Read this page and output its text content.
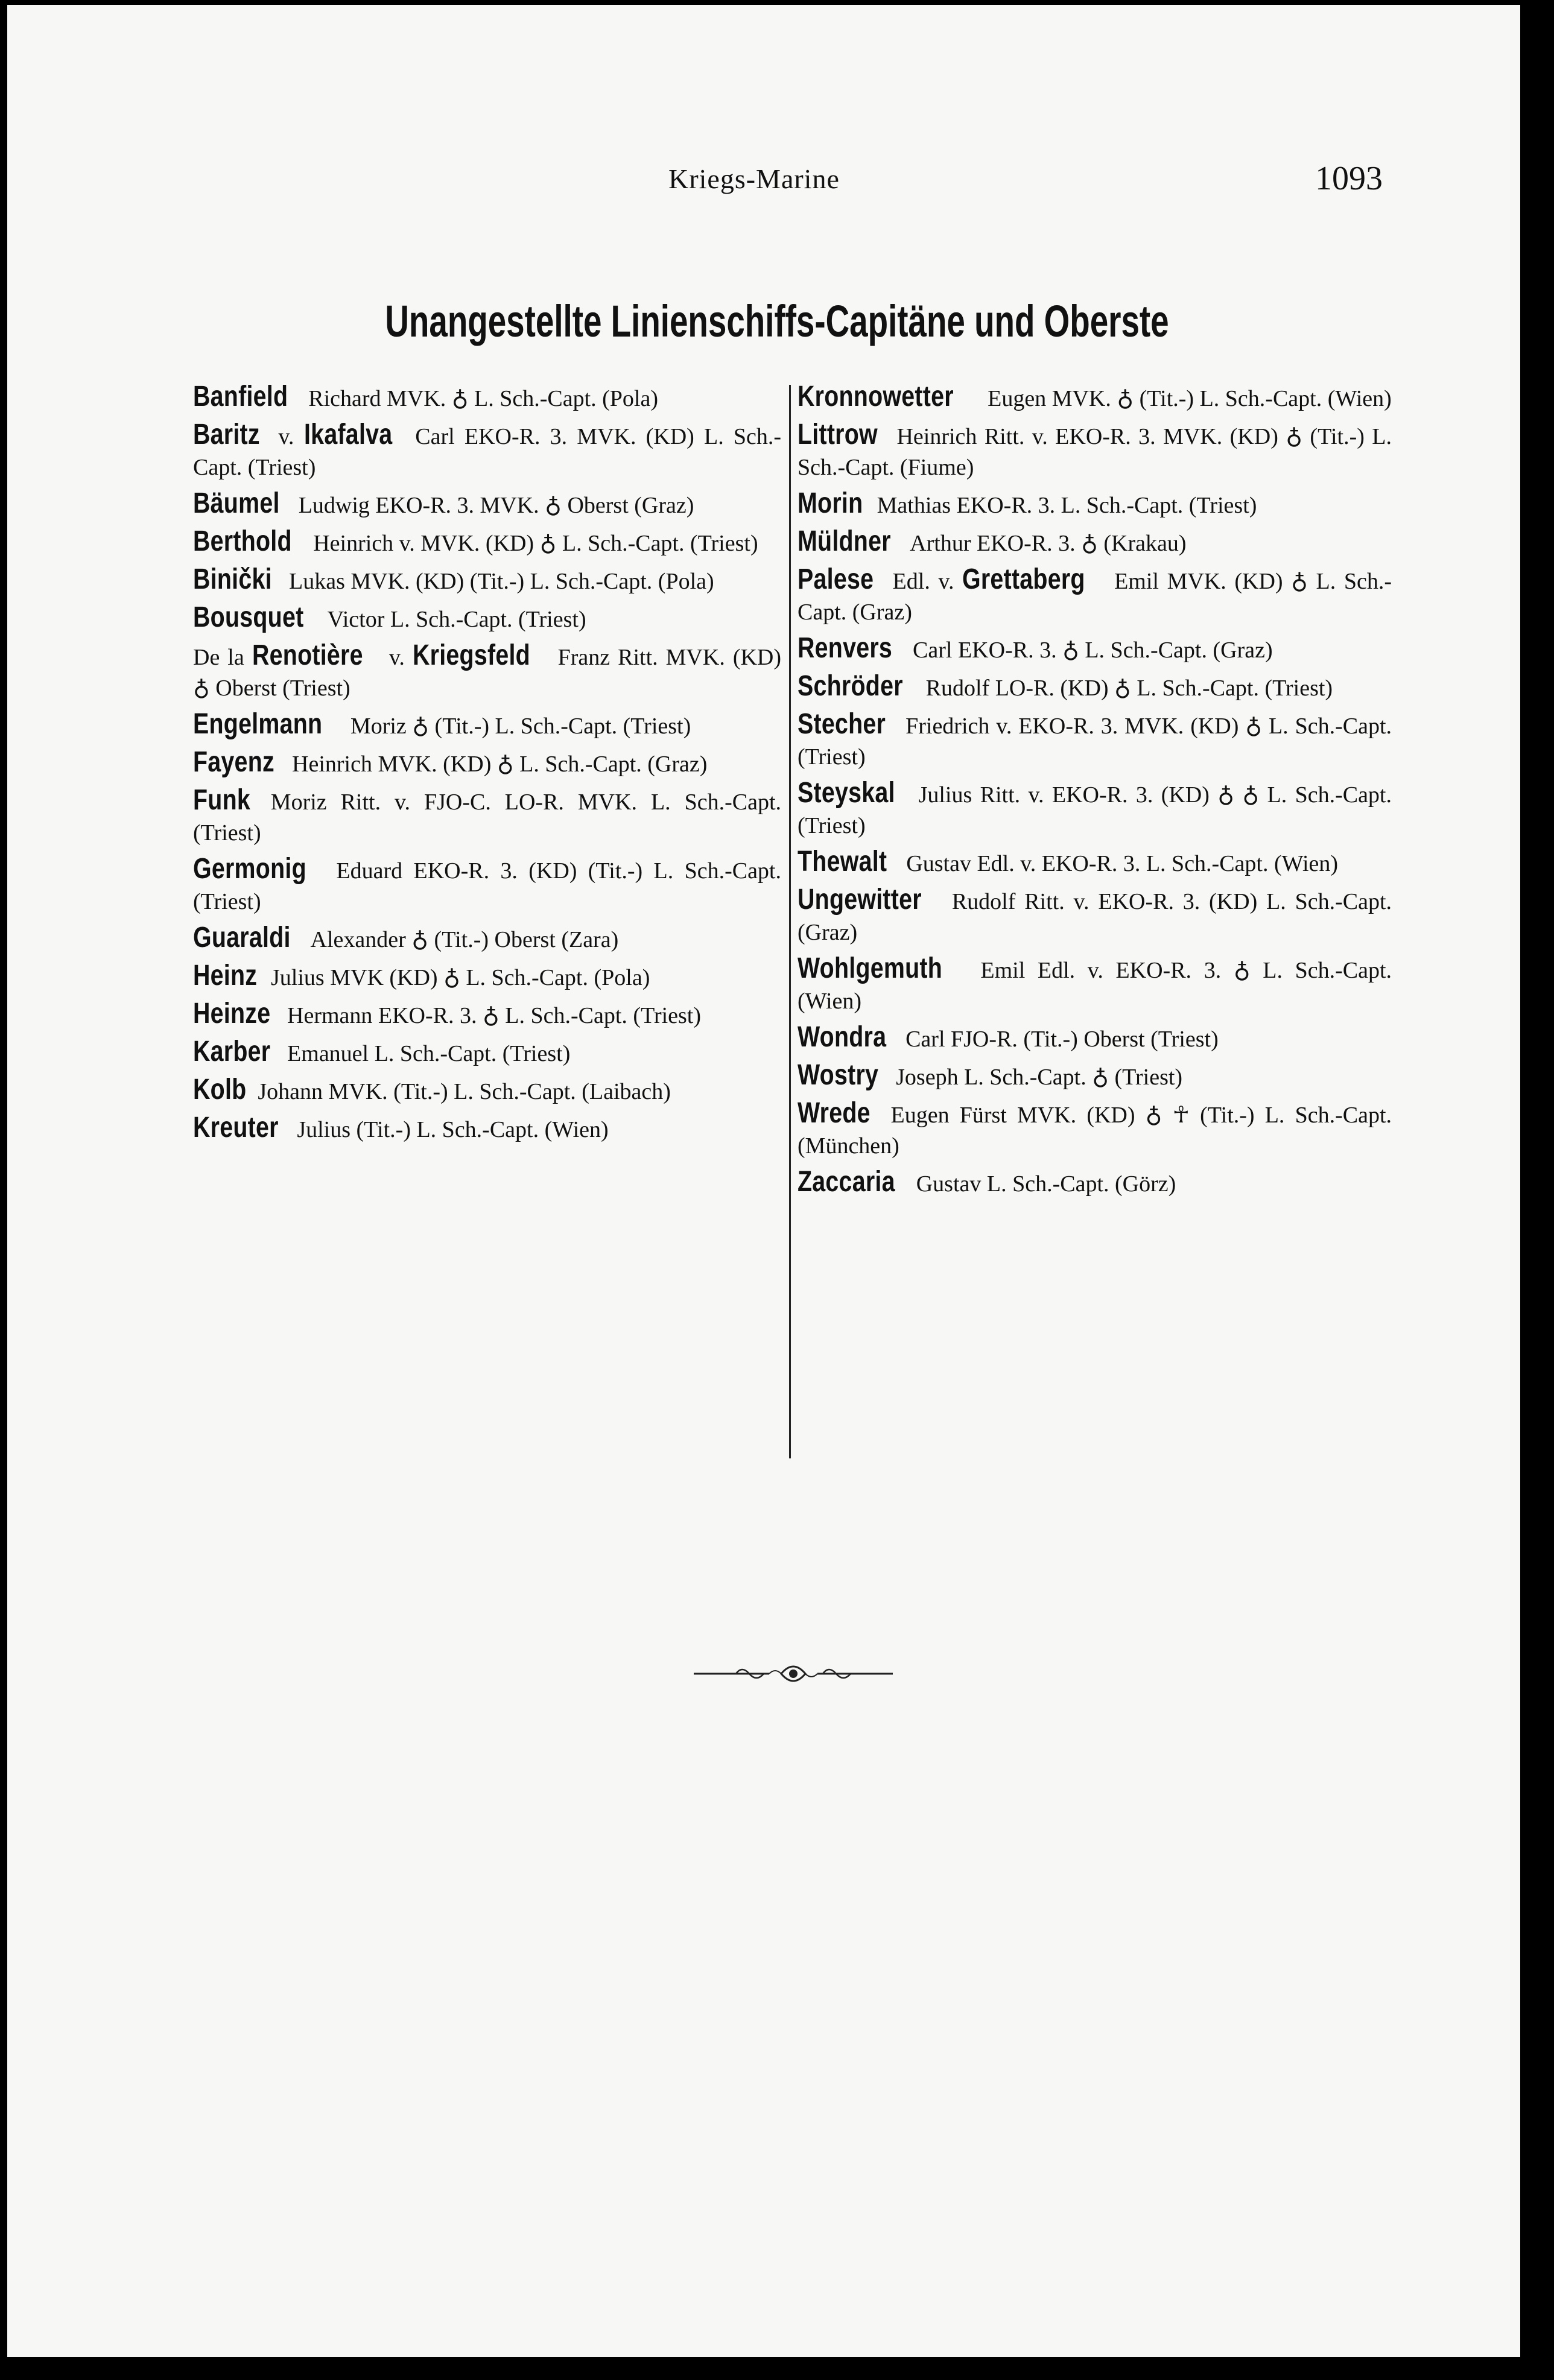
Kriegs-Marine	1093
Unangestellte Linienschiffs-Capitäne und Oberste
Banfield Richard MVK. ♁ L. Sch.-Capt. (Pola)
Baritz v. Ikafalva Carl EKO-R. 3. MVK. (KD) L. Sch.-Capt. (Triest)
Bäumel Ludwig EKO-R. 3. MVK. ♁ Oberst (Graz)
Berthold Heinrich v. MVK. (KD) ♁ L. Sch.-Capt. (Triest)
Binički Lukas MVK. (KD) (Tit.-) L. Sch.-Capt. (Pola)
Bousquet Victor L. Sch.-Capt. (Triest)
De la Renotière v. Kriegsfeld Franz Ritt. MVK. (KD) ♁ Oberst (Triest)
Engelmann Moriz ♁ (Tit.-) L. Sch.-Capt. (Triest)
Fayenz Heinrich MVK. (KD) ♁ L. Sch.-Capt. (Graz)
Funk Moriz Ritt. v. FJO-C. LO-R. MVK. L. Sch.-Capt. (Triest)
Germonig Eduard EKO-R. 3. (KD) (Tit.-) L. Sch.-Capt. (Triest)
Guaraldi Alexander ♁ (Tit.-) Oberst (Zara)
Heinz Julius MVK (KD) ♁ L. Sch.-Capt. (Pola)
Heinze Hermann EKO-R. 3. ♁ L. Sch.-Capt. (Triest)
Karber Emanuel L. Sch.-Capt. (Triest)
Kolb Johann MVK. (Tit.-) L. Sch.-Capt. (Laibach)
Kreuter Julius (Tit.-) L. Sch.-Capt. (Wien)
Kronnowetter Eugen MVK. ♁ (Tit.-) L. Sch.-Capt. (Wien)
Littrow Heinrich Ritt. v. EKO-R. 3. MVK. (KD) ♁ (Tit.-) L. Sch.-Capt. (Fiume)
Morin Mathias EKO-R. 3. L. Sch.-Capt. (Triest)
Müldner Arthur EKO-R. 3. ♁ (Krakau)
Palese Edl. v. Grettaberg Emil MVK. (KD) ♁ L. Sch.-Capt. (Graz)
Renvers Carl EKO-R. 3. ♁ L. Sch.-Capt. (Graz)
Schröder Rudolf LO-R. (KD) ♁ L. Sch.-Capt. (Triest)
Stecher Friedrich v. EKO-R. 3. MVK. (KD) ♁ L. Sch.-Capt. (Triest)
Steyskal Julius Ritt. v. EKO-R. 3. (KD) ♁ ♁ L. Sch.-Capt. (Triest)
Thewalt Gustav Edl. v. EKO-R. 3. L. Sch.-Capt. (Wien)
Ungewitter Rudolf Ritt. v. EKO-R. 3. (KD) L. Sch.-Capt. (Graz)
Wohlgemuth Emil Edl. v. EKO-R. 3. ♁ L. Sch.-Capt. (Wien)
Wondra Carl FJO-R. (Tit.-) Oberst (Triest)
Wostry Joseph L. Sch.-Capt. ♁ (Triest)
Wrede Eugen Fürst MVK. (KD) ♁ ☥ (Tit.-) L. Sch.-Capt. (München)
Zaccaria Gustav L. Sch.-Capt. (Görz)
